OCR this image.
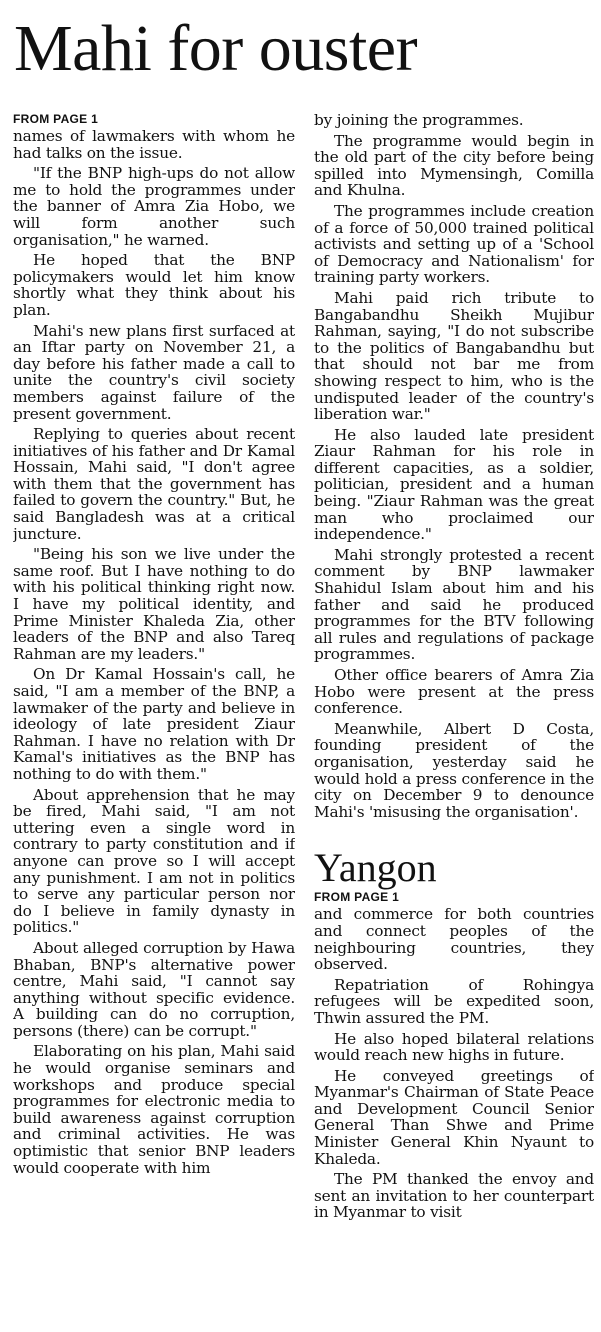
Mahi for ouster
FROM PAGE 1

names of lawmakers with whom he had talks on the issue.

"If the BNP high-ups do not allow me to hold the programmes under the banner of Amra Zia Hobo, we will form another such organisation," he warned.

He hoped that the BNP policymakers would let him know shortly what they think about his plan.

Mahi's new plans first surfaced at an Iftar party on November 21, a day before his father made a call to unite the country's civil society members against failure of the present government.

Replying to queries about recent initiatives of his father and Dr Kamal Hossain, Mahi said, "I don't agree with them that the government has failed to govern the country." But, he said Bangladesh was at a critical juncture.

"Being his son we live under the same roof. But I have nothing to do with his political thinking right now. I have my political identity, and Prime Minister Khaleda Zia, other leaders of the BNP and also Tareq Rahman are my leaders."

On Dr Kamal Hossain's call, he said, "I am a member of the BNP, a lawmaker of the party and believe in ideology of late president Ziaur Rahman. I have no relation with Dr Kamal's initiatives as the BNP has nothing to do with them."

About apprehension that he may be fired, Mahi said, "I am not uttering even a single word in contrary to party constitution and if anyone can prove so I will accept any punishment. I am not in politics to serve any particular person nor do I believe in family dynasty in politics."

About alleged corruption by Hawa Bhaban, BNP's alternative power centre, Mahi said, "I cannot say anything without specific evidence. A building can do no corruption, persons (there) can be corrupt."

Elaborating on his plan, Mahi said he would organise seminars and workshops and produce special programmes for electronic media to build awareness against corruption and criminal activities. He was optimistic that senior BNP leaders would cooperate with him

by joining the programmes.

The programme would begin in the old part of the city before being spilled into Mymensingh, Comilla and Khulna.

The programmes include creation of a force of 50,000 trained political activists and setting up of a 'School of Democracy and Nationalism' for training party workers.

Mahi paid rich tribute to Bangabandhu Sheikh Mujibur Rahman, saying, "I do not subscribe to the politics of Bangabandhu but that should not bar me from showing respect to him, who is the undisputed leader of the country's liberation war."

He also lauded late president Ziaur Rahman for his role in different capacities, as a soldier, politician, president and a human being. "Ziaur Rahman was the great man who proclaimed our independence."

Mahi strongly protested a recent comment by BNP lawmaker Shahidul Islam about him and his father and said he produced programmes for the BTV following all rules and regulations of package programmes.

Other office bearers of Amra Zia Hobo were present at the press conference.

Meanwhile, Albert D Costa, founding president of the organisation, yesterday said he would hold a press conference in the city on December 9 to denounce Mahi's 'misusing the organisation'.

Yangon
FROM PAGE 1

and commerce for both countries and connect peoples of the neighbouring countries, they observed.

Repatriation of Rohingya refugees will be expedited soon, Thwin assured the PM.

He also hoped bilateral relations would reach new highs in future.

He conveyed greetings of Myanmar's Chairman of State Peace and Development Council Senior General Than Shwe and Prime Minister General Khin Nyaunt to Khaleda.

The PM thanked the envoy and sent an invitation to her counterpart in Myanmar to visit
